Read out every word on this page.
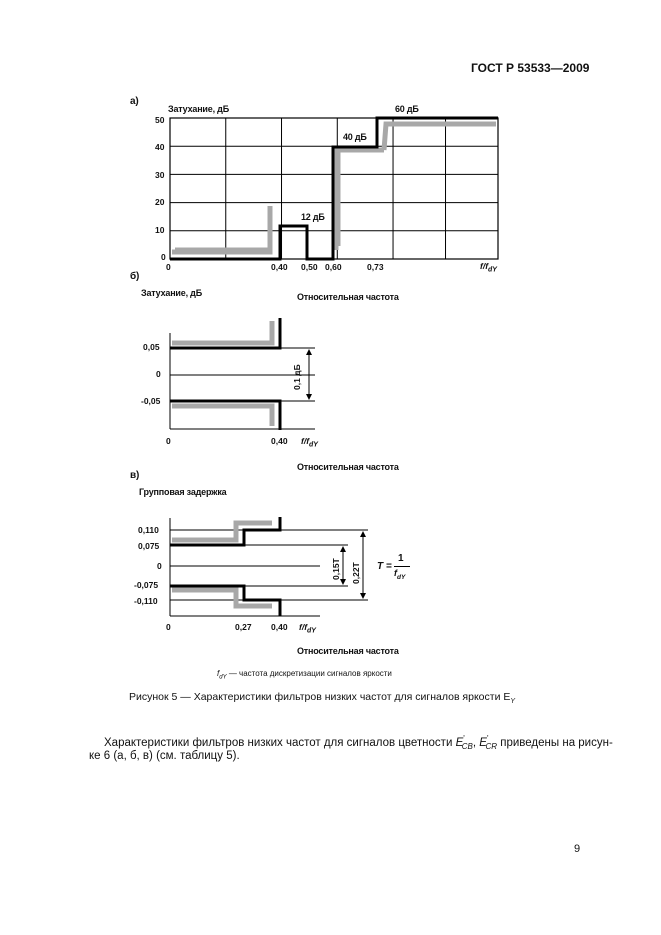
ГОСТ Р 53533—2009
а)
Затухание, дБ
50
40
30
20
10
0
0	0,40 0,50 0,60	0,73	$f/f_{dY}$
12 дБ
40 дБ
60 дБ
б)
Затухание, дБ	Относительная частота
0,05
0
-0,05
0	0,40 $f/f_{dY}$
0,1 дБ
Относительная частота
в)
Групповая задержка
0,110
0,075
0
-0,075
-0,110
0	0,27 0,40 $f/f_{dY}$
0,15T 0,22T T =
1
$f_{dY}$
Относительная частота
$f_{dY}$ — частота дискретизации сигналов яркости
Рисунок 5 — Характеристики фильтров низких частот для сигналов яркости $E_Y$
Характеристики фильтров низких частот для сигналов цветности $E'_{CB}$, $E'_{CR}$ приведены на рисун-
ке 6 (а, б, в) (см. таблицу 5).
9
